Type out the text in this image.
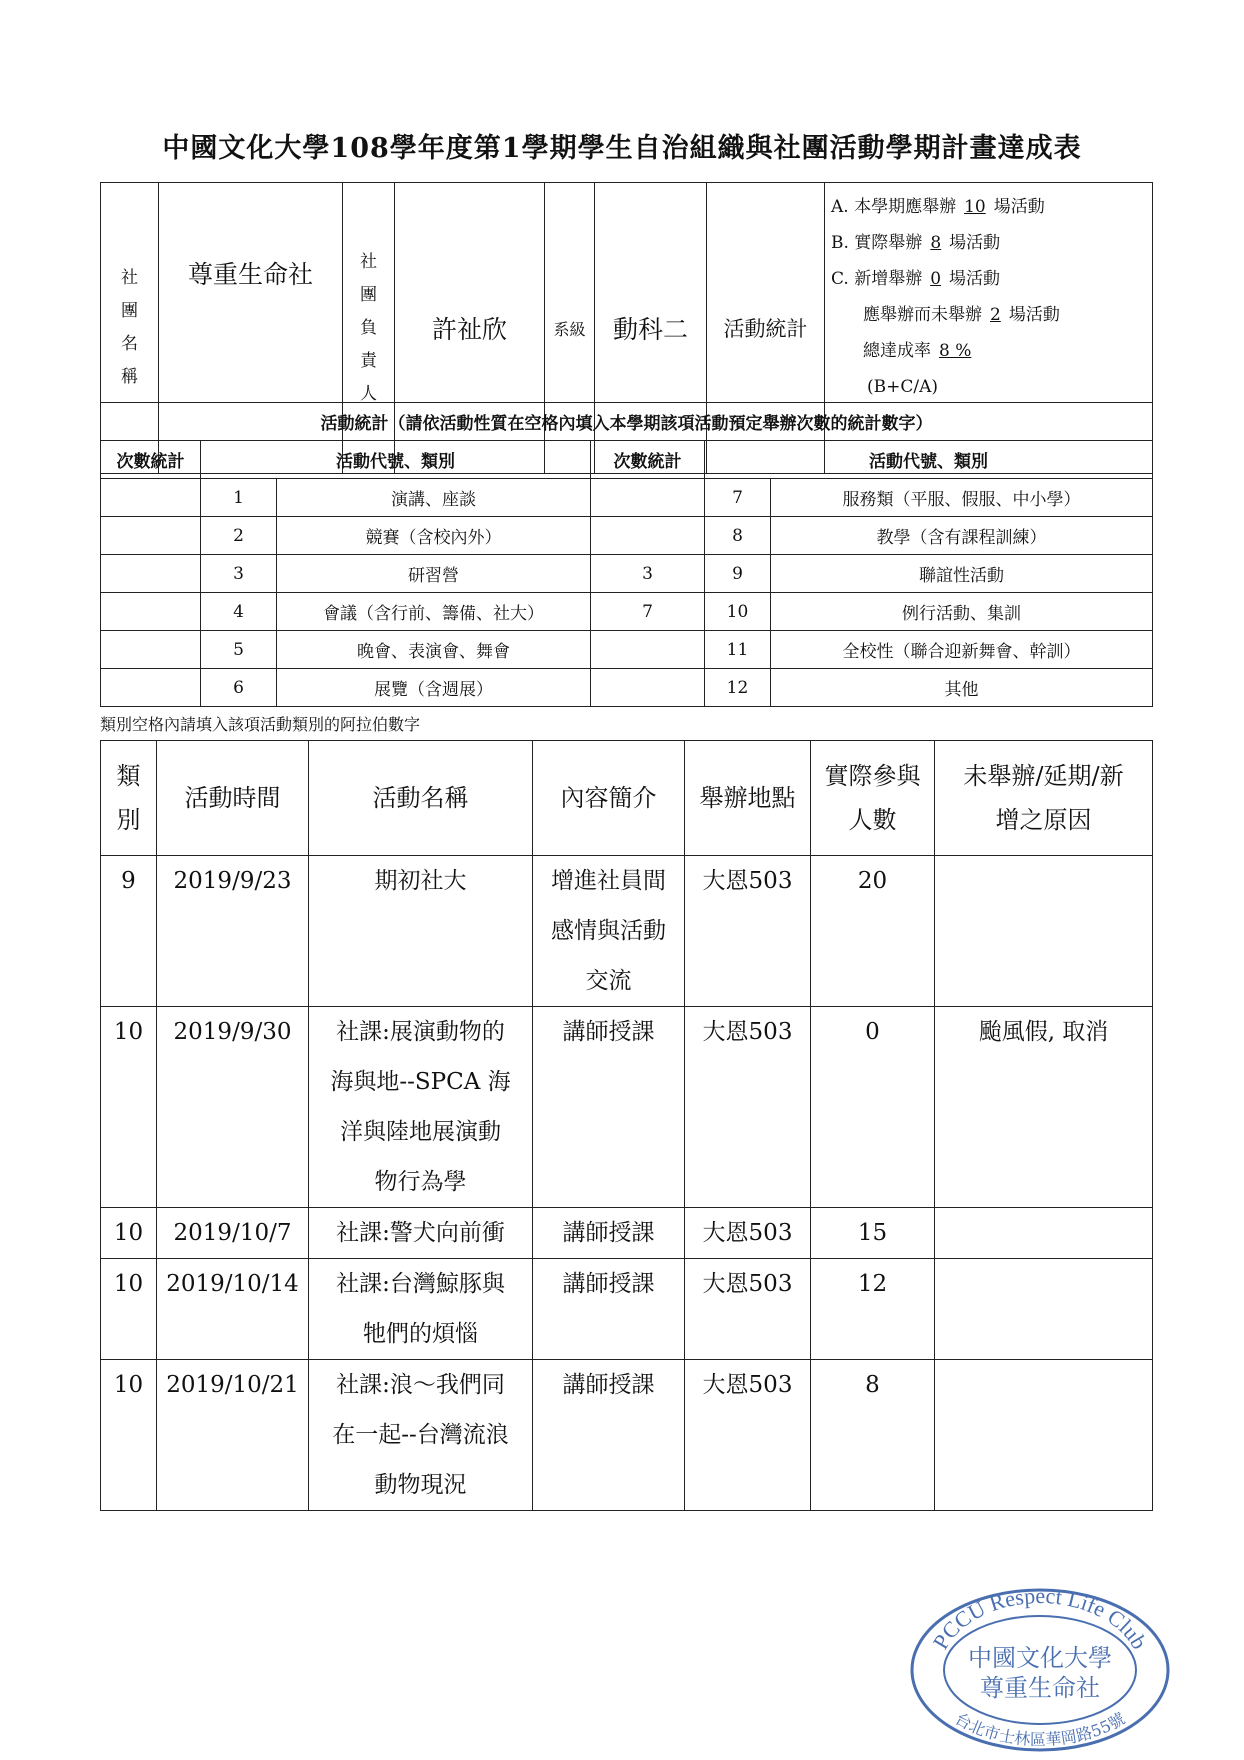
中國文化大學108學年度第1學期學生自治組織與社團活動學期計畫達成表
社
團
名
稱
	尊重生命社	社
團
負
責
人
	許祉欣	系級	動科二	活動統計	
A. 本學期應舉辦 10 場活動
B. 實際舉辦 8 場活動
C. 新增舉辦 0 場活動
應舉辦而未舉辦 2 場活動
總達成率 8 %
(B+C/A)
活動統計（請依活動性質在空格內填入本學期該項活動預定舉辦次數的統計數字）					
次數統計	活動代號、類別		次數統計	活動代號、類別	
	1	演講、座談		7	服務類（平服、假服、中小學）
	2	競賽（含校內外）		8	教學（含有課程訓練）
	3	研習營	3	9	聯誼性活動
	4	會議（含行前、籌備、社大）	7	10	例行活動、集訓
	5	晚會、表演會、舞會		11	全校性（聯合迎新舞會、幹訓）
	6	展覽（含週展）		12	其他
類別空格內請填入該項活動類別的阿拉伯數字
類
別	活動時間	活動名稱	內容簡介	舉辦地點	實際參與
人數	未舉辦/延期/新
增之原因

9	2019/9/23	期初社大	增進社員間
感情與活動
交流	大恩503	20	
10	2019/9/30	社課:展演動物的
海與地--SPCA 海
洋與陸地展演動
物行為學	講師授課	大恩503	0	颱風假, 取消
10	2019/10/7	社課:警犬向前衝	講師授課	大恩503	15	
10	2019/10/14	社課:台灣鯨豚與
牠們的煩惱	講師授課	大恩503	12	
10	2019/10/21	社課:浪～我們同
在一起--台灣流浪
動物現況	講師授課	大恩503	8	
PCCU Respect Life Club
中國文化大學
尊重生命社
台北市士林區華岡路55號
